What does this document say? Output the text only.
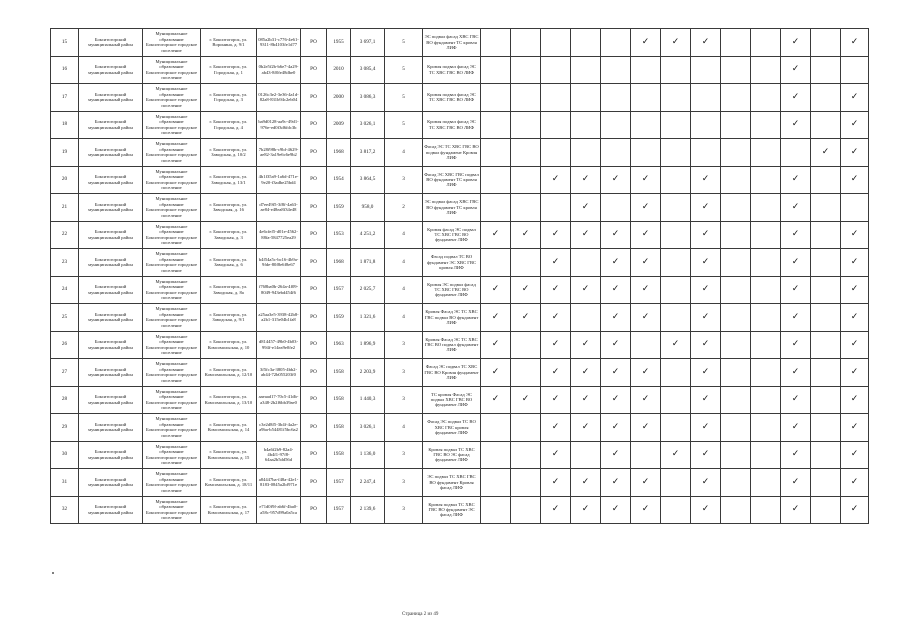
15	Бокситогорский муниципальный район	Муниципальное образование Бокситогорское городское поселение	г. Бокситогорск, ул. Воронина, д. 9/1	085a2b31-c776-4e61-9311-8b4103fe1d77	РО	1955	3 697,1	5	ЭС подвал фасад ХВС ГВС ВО фундамент ТС кровля ЛИФ						✓	✓	✓			✓		✓
16	Бокситогорский муниципальный район	Муниципальное образование Бокситогорское городское поселение	г. Бокситогорск, ул. Городская, д. 1	0b2e5f2b-b6e7-4a29-ab43-8f0fe48dbe0	РО	2010	3 085,4	5	Кровля подвал фасад ЭС ТС ХВС ГВС ВО ЛИФ											✓		
17	Бокситогорский муниципальный район	Муниципальное образование Бокситогорское городское поселение	г. Бокситогорск, ул. Городская, д. 3	0126c3e2-3e36-4a1d-82a8-831b94c2eb04	РО	2000	3 086,3	5	Кровля подвал фасад ЭС ТС ХВС ГВС ВО ЛИФ											✓		✓
18	Бокситогорский муниципальный район	Муниципальное образование Бокситогорское городское поселение	г. Бокситогорск, ул. Городская, д. 4	ba9d0128-aa9c-49d1-976e-ed0f3d6fdc3b	РО	2009	3 026,1	5	Кровля подвал фасад ЭС ТС ХВС ГВС ВО ЛИФ											✓		✓
19	Бокситогорский муниципальный район	Муниципальное образование Бокситогорское городское поселение	г. Бокситогорск, ул. Заводская, д. 10/2	7b28f98b-c9bf-4629-ae82-3a19e6c6e9b2	РО	1968	3 817,2	4	Фасад ЭС ТС ХВС ГВС ВО подвал фундамент Кровля ЛИФ												✓	✓
20	Бокситогорский муниципальный район	Муниципальное образование Бокситогорское городское поселение	г. Бокситогорск, ул. Заводская, д. 13/1	4b1f35a9-1a6d-471e-9e20-f3adbe25bd4	РО	1954	3 864,5	3	Фасад ЭС ХВС ГВС подвал ВО фундамент ТС кровля ЛИФ			✓	✓	✓	✓		✓			✓		✓
21	Бокситогорский муниципальный район	Муниципальное образование Бокситогорское городское поселение	г. Бокситогорск, ул. Заводская, д. 16	d7ee49f5-3f8f-4a63-ae84-e48ea8f34e48	РО	1959	958,0	2	ЭС подвал фасад ХВС ГВС ВО фундамент ТС кровля ЛИФ				✓		✓		✓			✓		
22	Бокситогорский муниципальный район	Муниципальное образование Бокситогорское городское поселение	г. Бокситогорск, ул. Заводская, д. 3	4e6cfef5-d01e-4562-88fa-5847725ea29	РО	1953	4 251,2	4	Кровля фасад ЭС подвал ТС ХВС ГВС ВО фундамент ЛИФ	✓	✓	✓	✓	✓	✓		✓			✓		✓
23	Бокситогорский муниципальный район	Муниципальное образование Бокситогорское городское поселение	г. Бокситогорск, ул. Заводская, д. 6	b4f54a5c-bc16-4b9a-9fde-80f8e6f8e67	РО	1968	1 871,8	4	Фасад подвал ТС ВО фундамент ЭС ХВС ГВС кровля ЛИФ			✓		✓	✓		✓			✓		✓
24	Бокситогорский муниципальный район	Муниципальное образование Бокситогорское городское поселение	г. Бокситогорск, ул. Заводская, д. 8а	f768ba0b-264a-4f09-8049-943ebd454f6	РО	1957	2 025,7	4	Кровля ЭС подвал фасад ТС ХВС ГВС ВО фундамент ЛИФ	✓	✓	✓	✓	✓	✓		✓			✓		✓
25	Бокситогорский муниципальный район	Муниципальное образование Бокситогорское городское поселение	г. Бокситогорск, ул. Заводская, д. 9/1	a25aa3e5-3938-42b8-a2b1-315e04b1fa8	РО	1959	1 321,6	4	Кровля Фасад ЭС ТС ХВС ГВС подвал ВО фундамент ЛИФ	✓	✓	✓		✓	✓		✓			✓		✓
26	Бокситогорский муниципальный район	Муниципальное образование Бокситогорское городское поселение	г. Бокситогорск, ул. Комсомольская, д. 10	d814457-49b0-4b03-994f-e14ea9e0fe2	РО	1963	1 896,9	3	Кровля Фасад ЭС ТС ХВС ГВС ВО подвал фундамент ЛИФ	✓		✓	✓	✓		✓	✓			✓		✓
27	Бокситогорский муниципальный район	Муниципальное образование Бокситогорское городское поселение	г. Бокситогорск, ул. Комсомольская, д. 12/10	3f5fc3a-3805-4bb2-ab44-72b055203f0	РО	1958	2 203,9	3	Фасад ЭС подвал ТС ХВС ГВС ВО Кровля фундамент ЛИФ	✓		✓	✓	✓	✓		✓			✓		✓
28	Бокситогорский муниципальный район	Муниципальное образование Бокситогорское городское поселение	г. Бокситогорск, ул. Комсомольская, д. 13/10	aaeaad17-70c5-41db-a348-2b2f6bb39ae0	РО	1958	1 440,3	3	ТС кровля Фасад ЭС подвал ХВС ГВС ВО фундамент ЛИФ	✓	✓	✓	✓	✓	✓		✓			✓		✓
29	Бокситогорский муниципальный район	Муниципальное образование Бокситогорское городское поселение	г. Бокситогорск, ул. Комсомольская, д. 14	c3e2d8f5-3b4f-4a2e-a9ba-b54481f5bc6a2	РО	1958	3 026,1	4	Фасад ЭС подвал ТС ВО ХВС ГВС кровля фундамент ЛИФ			✓	✓	✓	✓		✓			✓		✓
30	Бокситогорский муниципальный район	Муниципальное образование Бокситогорское городское поселение	г. Бокситогорск, ул. Комсомольская, д. 15	b4a6f2b9-82a4-4b4f1-97f8-64aa2b5dd56d	РО	1958	1 136,0	3	Кровля подвал ТС ХВС ГВС ВО ЭС фасад фундамент ЛИФ			✓		✓		✓	✓			✓		✓
31	Бокситогорский муниципальный район	Муниципальное образование Бокситогорское городское поселение	г. Бокситогорск, ул. Комсомольская, д. 18/11	a84447ba-f48a-42e1-8183-0845a2bf971e	РО	1957	2 247,4	3	ЭС подвал ТС ХВС ГВС ВО фундамент Кровля фасад ЛИФ			✓	✓	✓	✓		✓			✓		✓
32	Бокситогорский муниципальный район	Муниципальное образование Бокситогорское городское поселение	г. Бокситогорск, ул. Комсомольская, д. 17	e71d0f9f-ab6f-4ba0-a58c-957d99a0a5ca	РО	1957	2 139,6	3	Кровля подвал ТС ХВС ГВС ВО фундамент ЭС фасад ЛИФ			✓	✓	✓	✓		✓			✓		✓
Страница 2 из 49
